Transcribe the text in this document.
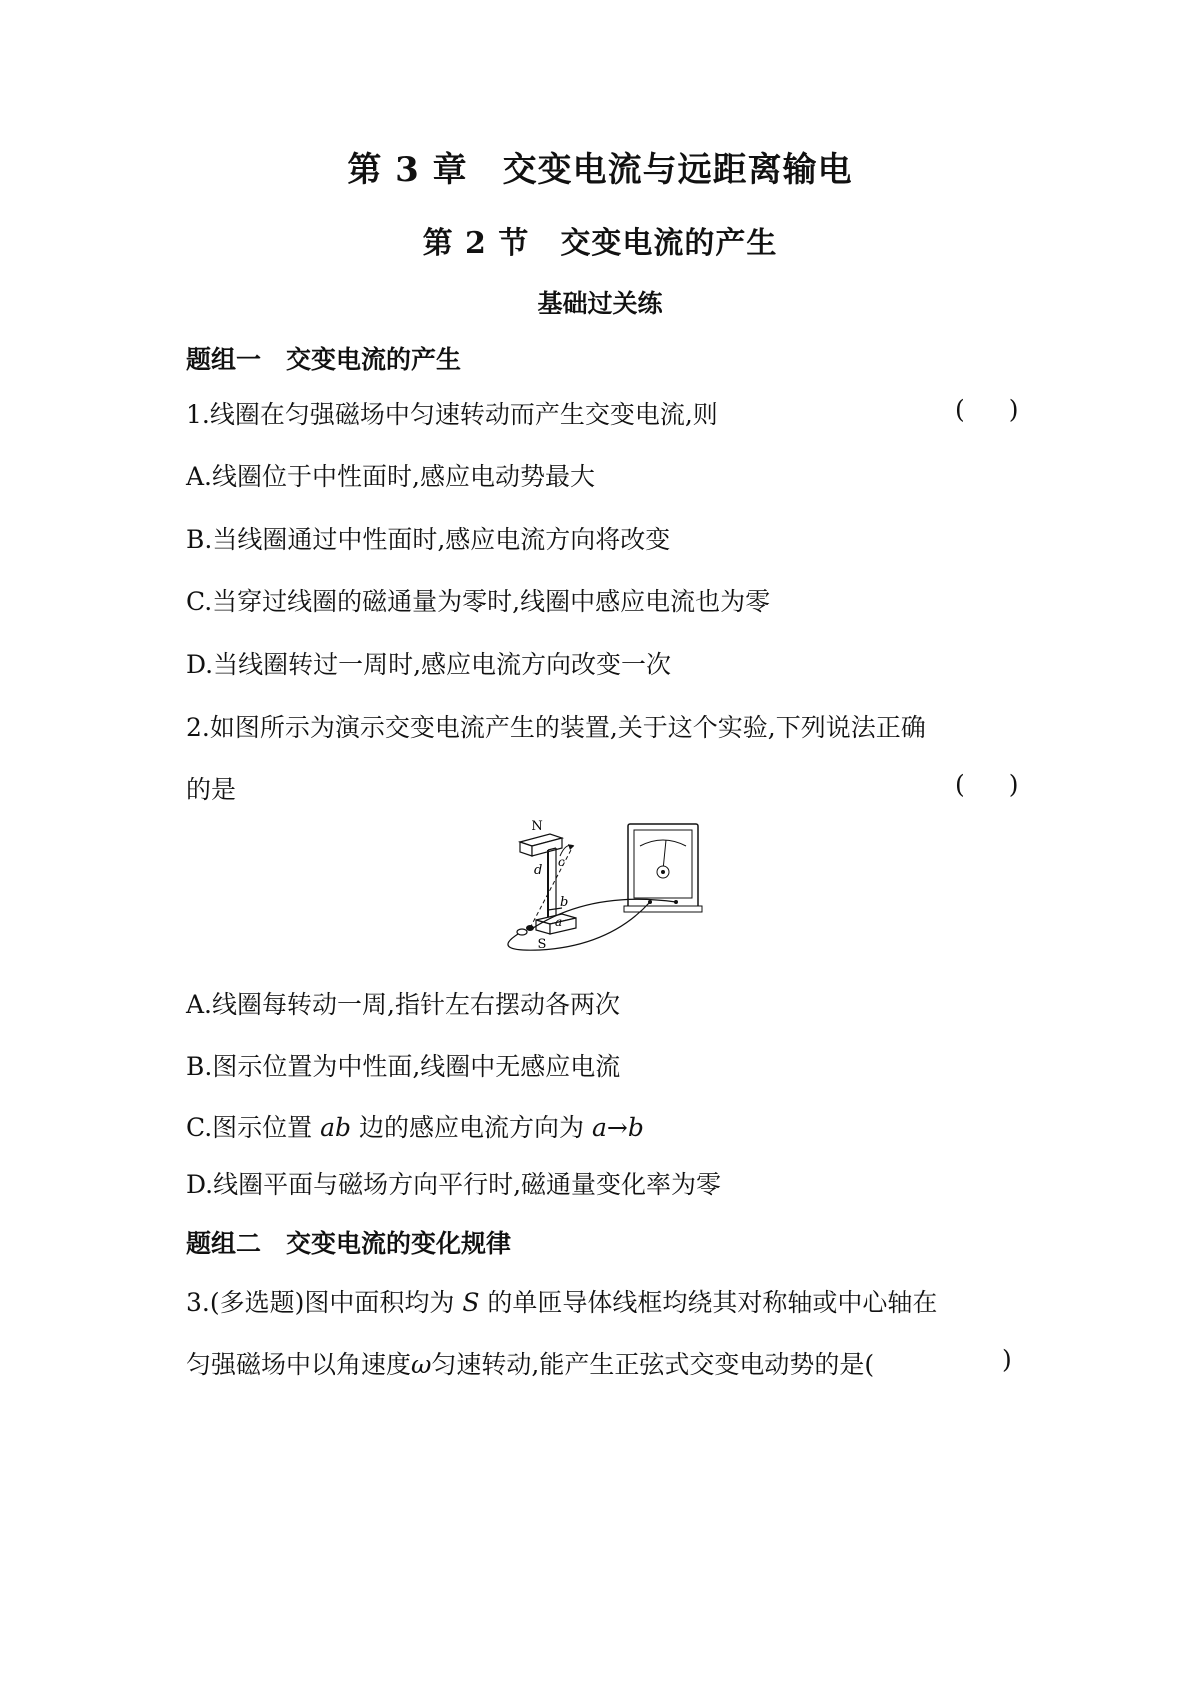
第 3 章　交变电流与远距离输电
第 2 节　交变电流的产生
基础过关练
题组一　交变电流的产生
1.线圈在匀强磁场中匀速转动而产生交变电流,则	( )
A.线圈位于中性面时,感应电动势最大
B.当线圈通过中性面时,感应电流方向将改变
C.当穿过线圈的磁通量为零时,线圈中感应电流也为零
D.当线圈转过一周时,感应电流方向改变一次
2.如图所示为演示交变电流产生的装置,关于这个实验,下列说法正确
的是	( )
N
S
d
c
b
a
A.线圈每转动一周,指针左右摆动各两次
B.图示位置为中性面,线圈中无感应电流
C.图示位置 ab 边的感应电流方向为 a→b
D.线圈平面与磁场方向平行时,磁通量变化率为零
题组二　交变电流的变化规律
3.(多选题)图中面积均为 S 的单匝导体线框均绕其对称轴或中心轴在
匀强磁场中以角速度ω匀速转动,能产生正弦式交变电动势的是(	)
